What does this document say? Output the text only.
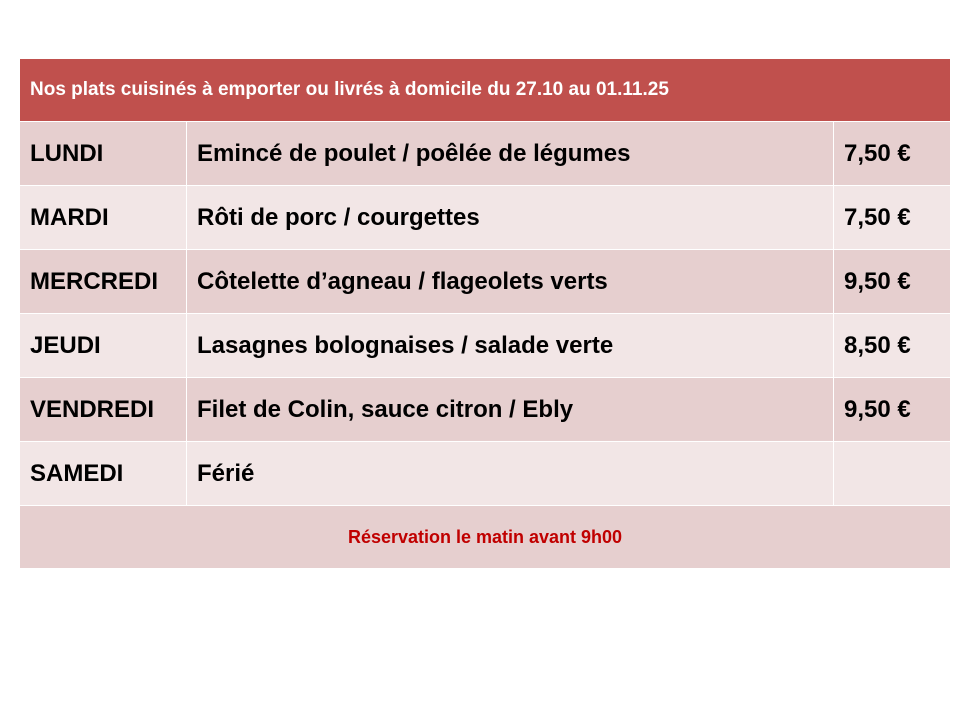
Nos plats cuisinés à emporter ou livrés à domicile du 27.10 au 01.11.25		
LUNDI	Emincé de poulet / poêlée de légumes	7,50 €
MARDI	Rôti de porc / courgettes	7,50 €
MERCREDI	Côtelette d’agneau / flageolets verts	9,50 €
JEUDI	Lasagnes bolognaises / salade verte	8,50 €
VENDREDI	Filet de Colin, sauce citron / Ebly	9,50 €
SAMEDI	Férié	
Réservation le matin avant 9h00		
